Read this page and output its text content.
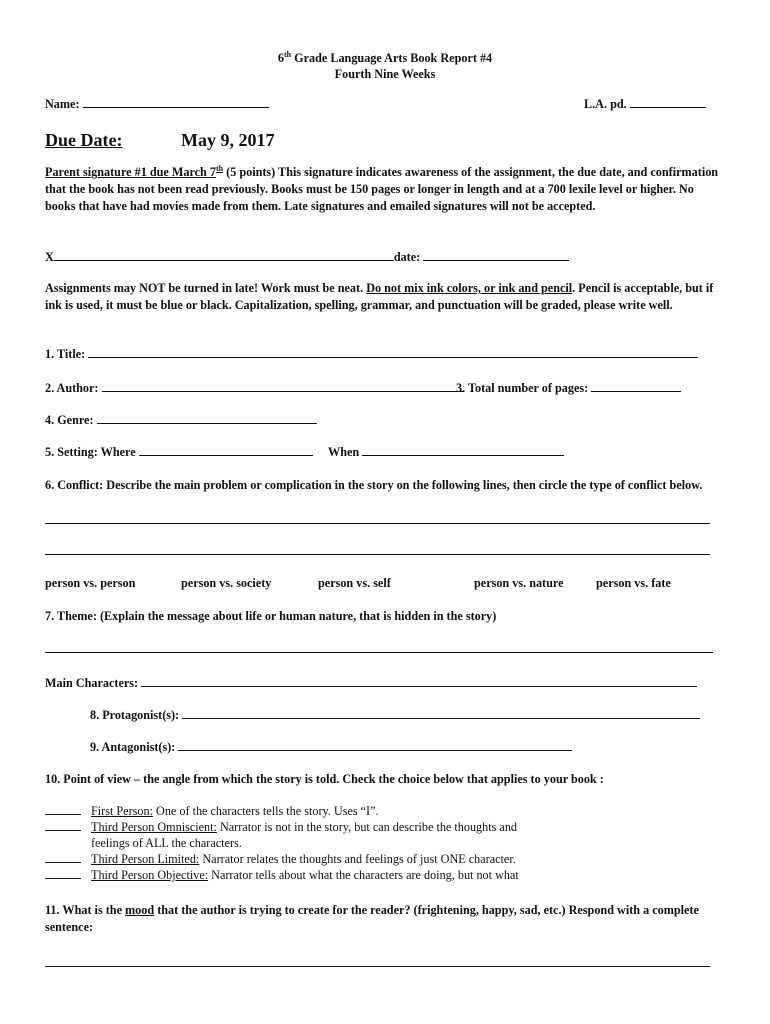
6th Grade Language Arts Book Report #4
Fourth Nine Weeks
Name:	L.A. pd.
Due Date:	May 9, 2017
Parent signature #1 due March 7th (5 points) This signature indicates awareness of the assignment, the due date, and confirmation that the book has not been read previously. Books must be 150 pages or longer in length and at a 700 lexile level or higher. No books that have had movies made from them. Late signatures and emailed signatures will not be accepted.
X	date:
Assignments may NOT be turned in late! Work must be neat. Do not mix ink colors, or ink and pencil. Pencil is acceptable, but if ink is used, it must be blue or black. Capitalization, spelling, grammar, and punctuation will be graded, please write well.
1. Title:
2. Author:	3. Total number of pages:
4. Genre:
5. Setting: Where	When
6. Conflict: Describe the main problem or complication in the story on the following lines, then circle the type of conflict below.
person vs. person	person vs. society	person vs. self	person vs. nature	person vs. fate
7. Theme: (Explain the message about life or human nature, that is hidden in the story)
Main Characters:
8. Protagonist(s):
9. Antagonist(s):
10. Point of view – the angle from which the story is told. Check the choice below that applies to your book :
First Person: One of the characters tells the story. Uses “I”.
Third Person Omniscient: Narrator is not in the story, but can describe the thoughts and
feelings of ALL the characters.
Third Person Limited: Narrator relates the thoughts and feelings of just ONE character.
Third Person Objective: Narrator tells about what the characters are doing, but not what
11. What is the mood that the author is trying to create for the reader? (frightening, happy, sad, etc.) Respond with a complete sentence:
